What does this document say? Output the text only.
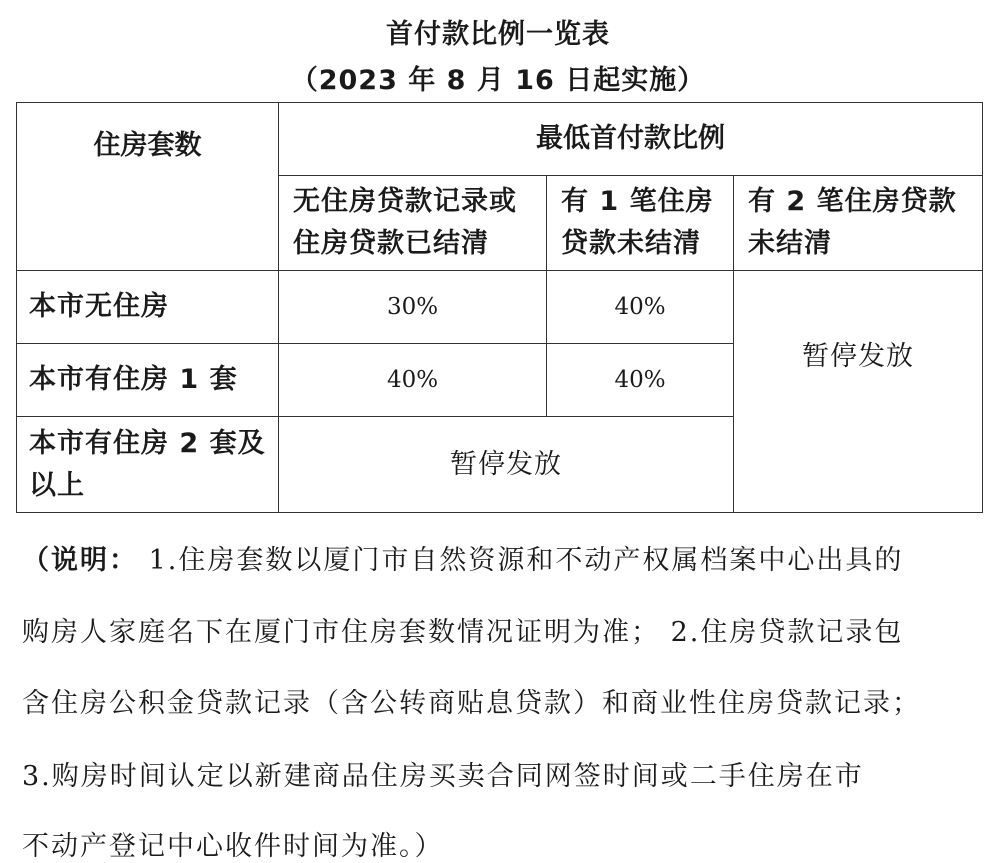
首付款比例一览表
（2023 年 8 月 16 日起实施）
住房套数	最低首付款比例		
	无住房贷款记录或住房贷款已结清	有 1 笔住房贷款未结清	有 2 笔住房贷款未结清
本市无住房	30%	40%	暂停发放
本市有住房 1 套	40%	40%	
本市有住房 2 套及以上	暂停发放		
（说明： 1.住房套数以厦门市自然资源和不动产权属档案中心出具的
购房人家庭名下在厦门市住房套数情况证明为准； 2.住房贷款记录包
含住房公积金贷款记录（含公转商贴息贷款）和商业性住房贷款记录；
3.购房时间认定以新建商品住房买卖合同网签时间或二手住房在市
不动产登记中心收件时间为准。）
